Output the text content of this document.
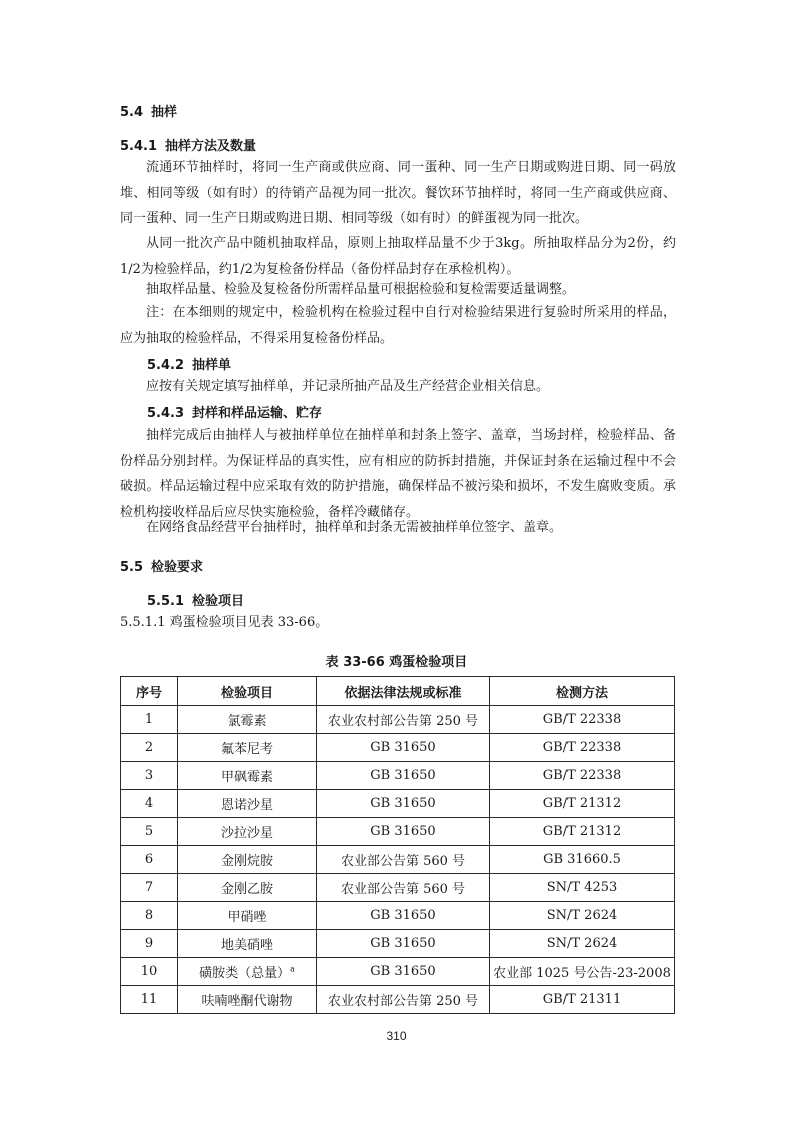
5.4 抽样
5.4.1 抽样方法及数量

流通环节抽样时，将同一生产商或供应商、同一蛋种、同一生产日期或购进日期、同一码放堆、相同等级（如有时）的待销产品视为同一批次。餐饮环节抽样时，将同一生产商或供应商、同一蛋种、同一生产日期或购进日期、相同等级（如有时）的鲜蛋视为同一批次。

从同一批次产品中随机抽取样品，原则上抽取样品量不少于3kg。所抽取样品分为2份，约1/2为检验样品，约1/2为复检备份样品（备份样品封存在承检机构）。

抽取样品量、检验及复检备份所需样品量可根据检验和复检需要适量调整。

注：在本细则的规定中，检验机构在检验过程中自行对检验结果进行复验时所采用的样品，应为抽取的检验样品，不得采用复检备份样品。

5.4.2 抽样单

应按有关规定填写抽样单，并记录所抽产品及生产经营企业相关信息。

5.4.3 封样和样品运输、贮存

抽样完成后由抽样人与被抽样单位在抽样单和封条上签字、盖章，当场封样，检验样品、备份样品分别封样。为保证样品的真实性，应有相应的防拆封措施，并保证封条在运输过程中不会破损。样品运输过程中应采取有效的防护措施，确保样品不被污染和损坏，不发生腐败变质。承检机构接收样品后应尽快实施检验，备样冷藏储存。

在网络食品经营平台抽样时，抽样单和封条无需被抽样单位签字、盖章。

5.5 检验要求
5.5.1 检验项目
5.5.1.1 鸡蛋检验项目见表 33-66。
表 33-66 鸡蛋检验项目
序号	检验项目	依据法律法规或标准	检测方法
1	氯霉素	农业农村部公告第 250 号	GB/T 22338
2	氟苯尼考	GB 31650	GB/T 22338
3	甲砜霉素	GB 31650	GB/T 22338
4	恩诺沙星	GB 31650	GB/T 21312
5	沙拉沙星	GB 31650	GB/T 21312
6	金刚烷胺	农业部公告第 560 号	GB 31660.5
7	金刚乙胺	农业部公告第 560 号	SN/T 4253
8	甲硝唑	GB 31650	SN/T 2624
9	地美硝唑	GB 31650	SN/T 2624
10	磺胺类（总量）$^a$	GB 31650	农业部 1025 号公告-23-2008
11	呋喃唑酮代谢物	农业农村部公告第 250 号	GB/T 21311
310
